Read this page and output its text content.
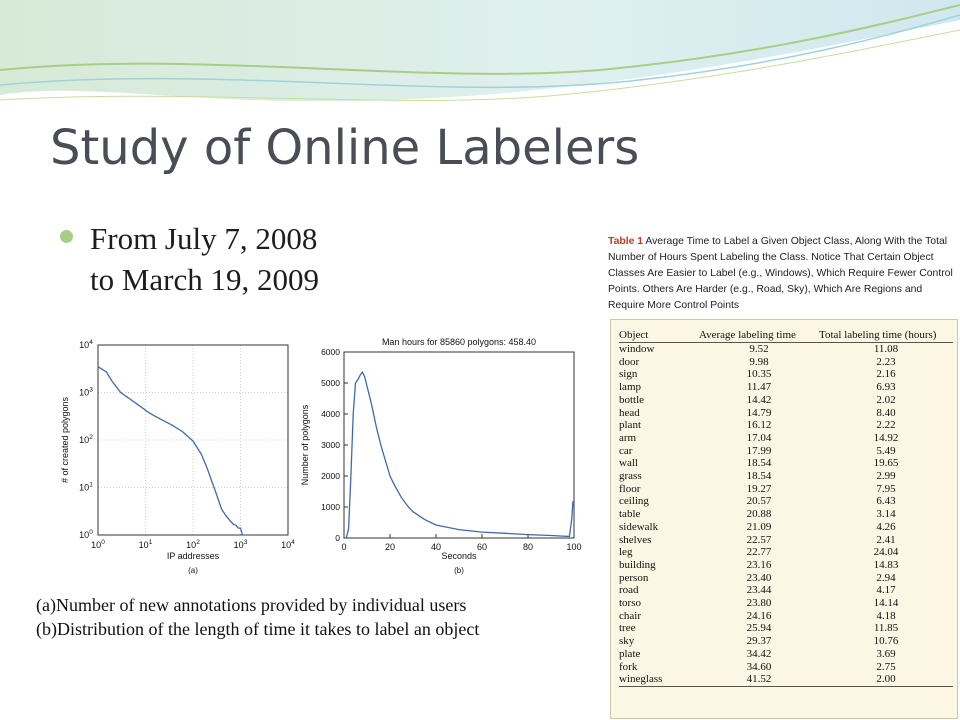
Study of Online Labelers
From July 7, 2008
to March 19, 2009
$10^0$
$10^0$
$10^1$
$10^1$
$10^2$
$10^2$
$10^3$
$10^3$
$10^4$
$10^4$
IP addresses
(a)
# of created polygons
0	20	40	60	80	100
0
1000
2000
3000
4000
5000
6000
Man hours for 85860 polygons: 458.40
Seconds
(b)
Number of polygons
(a)Number of new annotations provided by individual users
(b)Distribution of the length of time it takes to label an object
Table 1 Average Time to Label a Given Object Class, Along With the Total Number of Hours Spent Labeling the Class. Notice That Certain Object Classes Are Easier to Label (e.g., Windows), Which Require Fewer Control Points. Others Are Harder (e.g., Road, Sky), Which Are Regions and Require More Control Points
Object	Average labeling time	Total labeling time (hours)
window	9.52	11.08
door	9.98	2.23
sign	10.35	2.16
lamp	11.47	6.93
bottle	14.42	2.02
head	14.79	8.40
plant	16.12	2.22
arm	17.04	14.92
car	17.99	5.49
wall	18.54	19.65
grass	18.54	2.99
floor	19.27	7.95
ceiling	20.57	6.43
table	20.88	3.14
sidewalk	21.09	4.26
shelves	22.57	2.41
leg	22.77	24.04
building	23.16	14.83
person	23.40	2.94
road	23.44	4.17
torso	23.80	14.14
chair	24.16	4.18
tree	25.94	11.85
sky	29.37	10.76
plate	34.42	3.69
fork	34.60	2.75
wineglass	41.52	2.00
